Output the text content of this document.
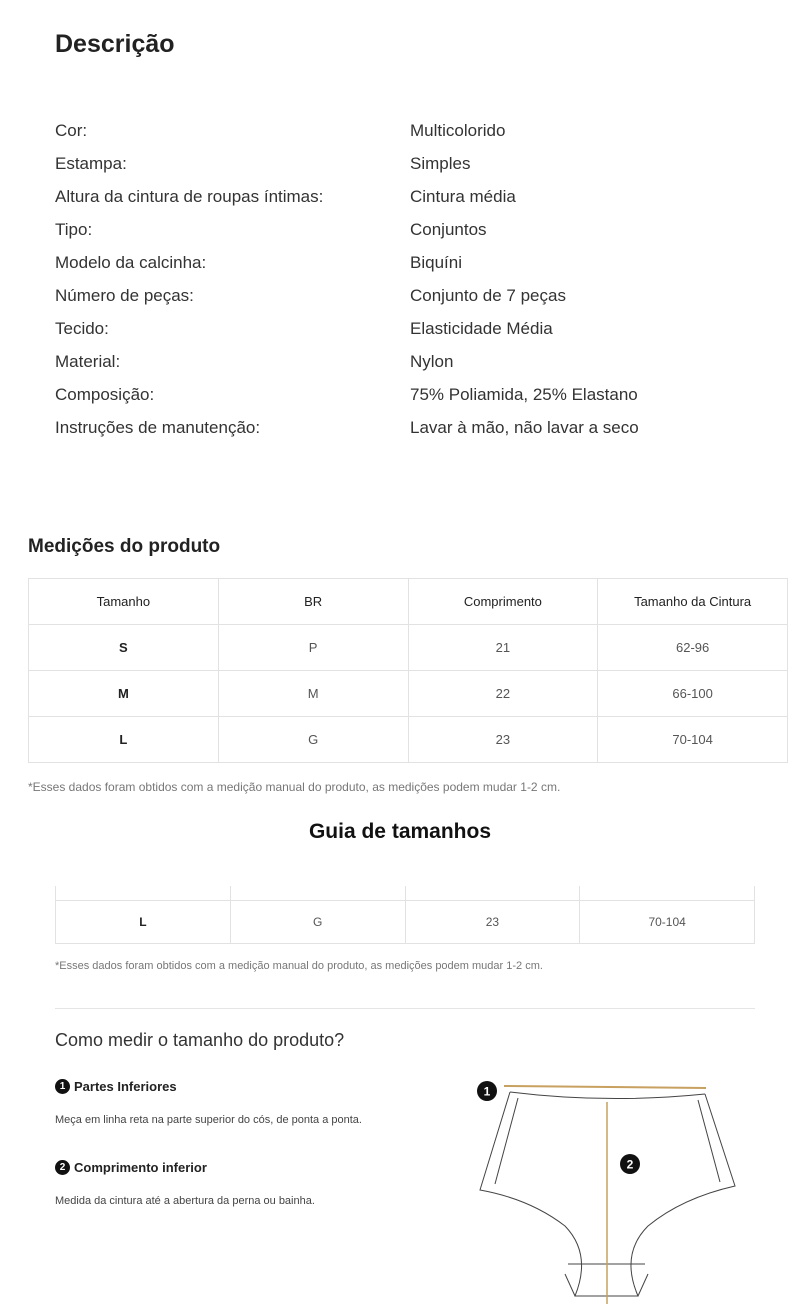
Descrição
Cor:	Multicolorido
Estampa:	Simples
Altura da cintura de roupas íntimas:	Cintura média
Tipo:	Conjuntos
Modelo da calcinha:	Biquíni
Número de peças:	Conjunto de 7 peças
Tecido:	Elasticidade Média
Material:	Nylon
Composição:	75% Poliamida, 25% Elastano
Instruções de manutenção:	Lavar à mão, não lavar a seco
Medições do produto
Tamanho	BR	Comprimento	Tamanho da Cintura
S	P	21	62-96
M	M	22	66-100
L	G	23	70-104
*Esses dados foram obtidos com a medição manual do produto, as medições podem mudar 1-2 cm.
Guia de tamanhos
L	G	23	70-104
*Esses dados foram obtidos com a medição manual do produto, as medições podem mudar 1-2 cm.
Como medir o tamanho do produto?
1 Partes Inferiores
Meça em linha reta na parte superior do cós, de ponta a ponta.
2 Comprimento inferior
Medida da cintura até a abertura da perna ou bainha.
1
2
